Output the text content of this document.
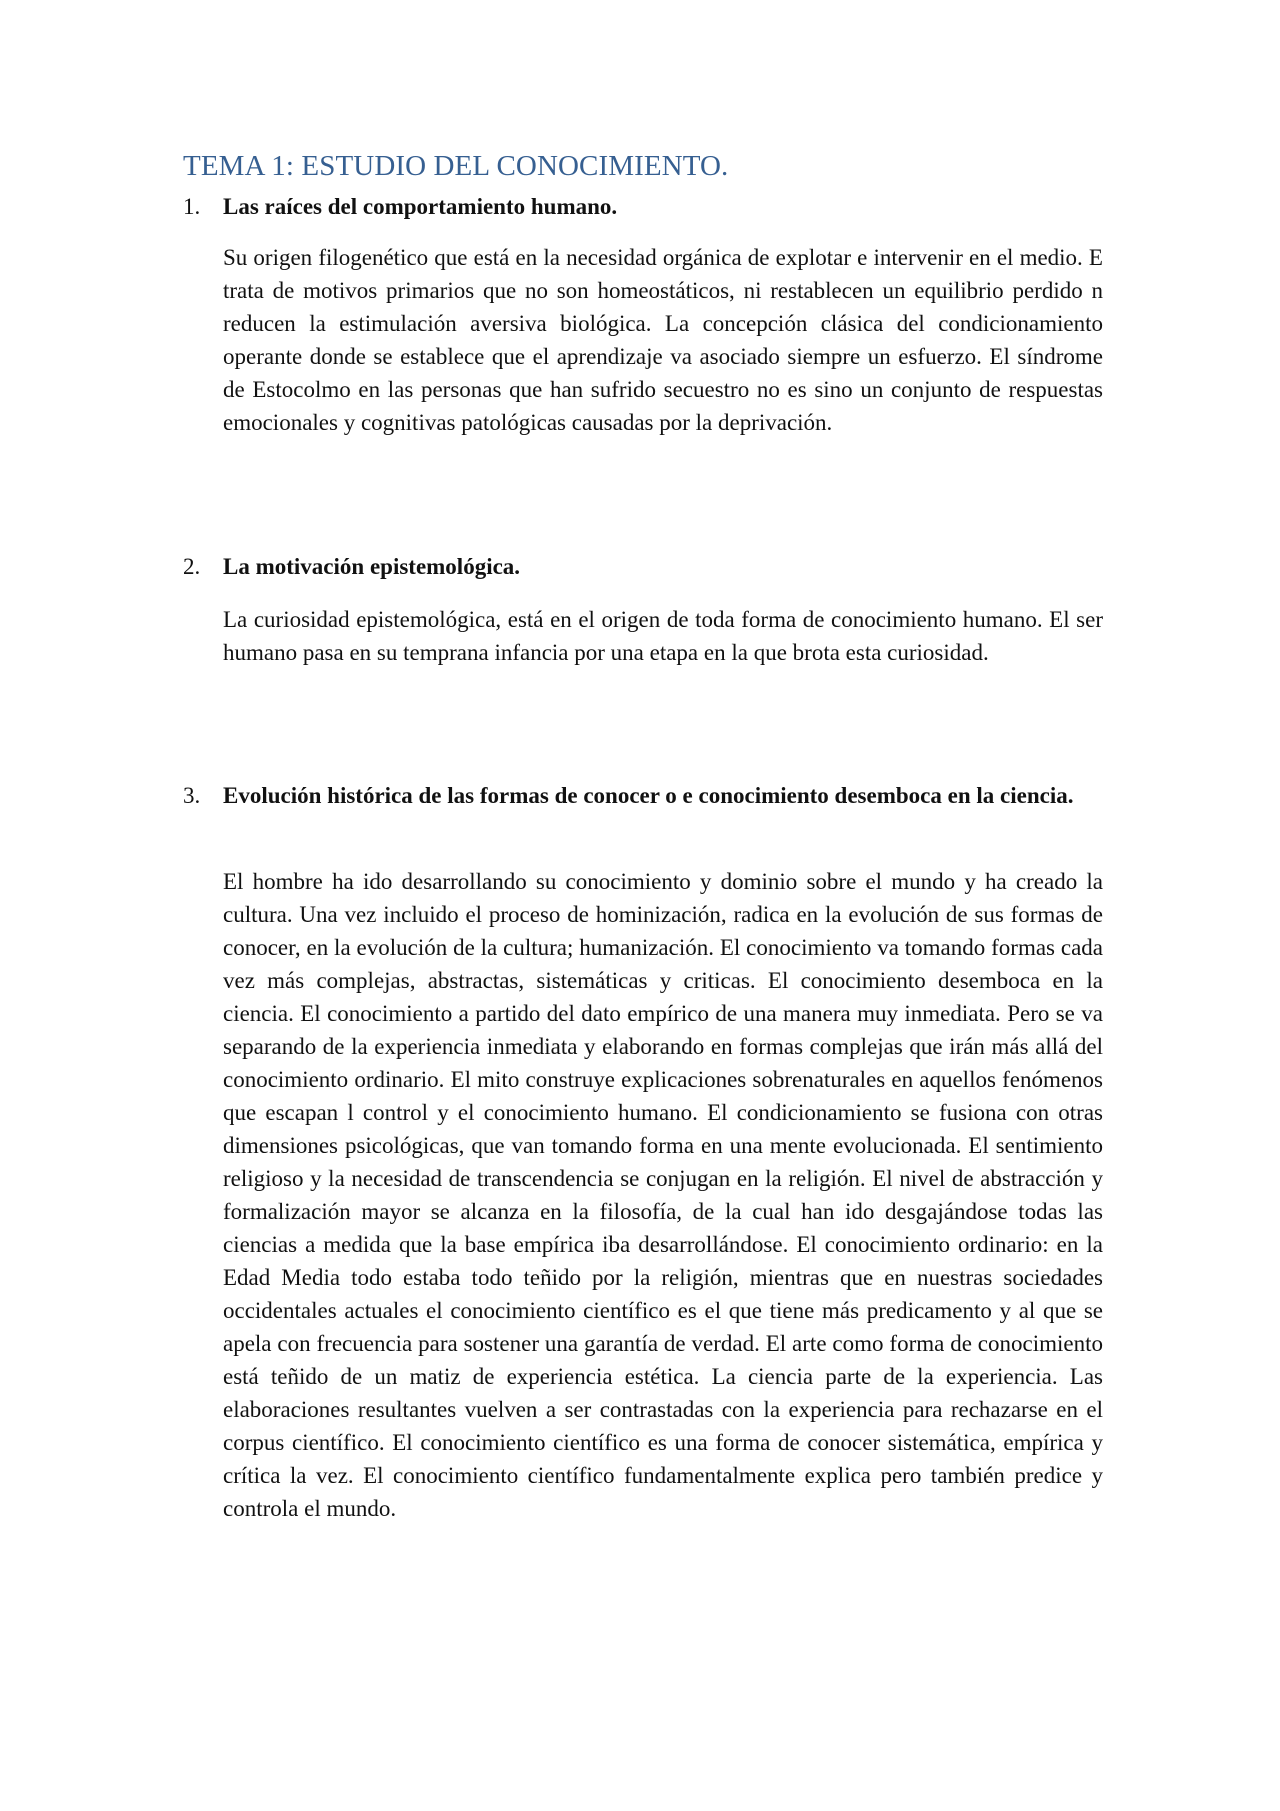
TEMA 1: ESTUDIO DEL CONOCIMIENTO.
1. Las raíces del comportamiento humano.

Su origen filogenético que está en la necesidad orgánica de explotar e intervenir en el medio. E trata de motivos primarios que no son homeostáticos, ni restablecen un equilibrio perdido n reducen la estimulación aversiva biológica. La concepción clásica del condicionamiento operante donde se establece que el aprendizaje va asociado siempre un esfuerzo. El síndrome de Estocolmo en las personas que han sufrido secuestro no es sino un conjunto de respuestas emocionales y cognitivas patológicas causadas por la deprivación.

2. La motivación epistemológica.

La curiosidad epistemológica, está en el origen de toda forma de conocimiento humano. El ser humano pasa en su temprana infancia por una etapa en la que brota esta curiosidad.

3. Evolución histórica de las formas de conocer o e conocimiento desemboca en la ciencia.

El hombre ha ido desarrollando su conocimiento y dominio sobre el mundo y ha creado la cultura. Una vez incluido el proceso de hominización, radica en la evolución de sus formas de conocer, en la evolución de la cultura; humanización. El conocimiento va tomando formas cada vez más complejas, abstractas, sistemáticas y criticas. El conocimiento desemboca en la ciencia. El conocimiento a partido del dato empírico de una manera muy inmediata. Pero se va separando de la experiencia inmediata y elaborando en formas complejas que irán más allá del conocimiento ordinario. El mito construye explicaciones sobrenaturales en aquellos fenómenos que escapan l control y el conocimiento humano. El condicionamiento se fusiona con otras dimensiones psicológicas, que van tomando forma en una mente evolucionada. El sentimiento religioso y la necesidad de transcendencia se conjugan en la religión. El nivel de abstracción y formalización mayor se alcanza en la filosofía, de la cual han ido desgajándose todas las ciencias a medida que la base empírica iba desarrollándose. El conocimiento ordinario: en la Edad Media todo estaba todo teñido por la religión, mientras que en nuestras sociedades occidentales actuales el conocimiento científico es el que tiene más predicamento y al que se apela con frecuencia para sostener una garantía de verdad. El arte como forma de conocimiento está teñido de un matiz de experiencia estética. La ciencia parte de la experiencia. Las elaboraciones resultantes vuelven a ser contrastadas con la experiencia para rechazarse en el corpus científico. El conocimiento científico es una forma de conocer sistemática, empírica y crítica la vez. El conocimiento científico fundamentalmente explica pero también predice y controla el mundo.
